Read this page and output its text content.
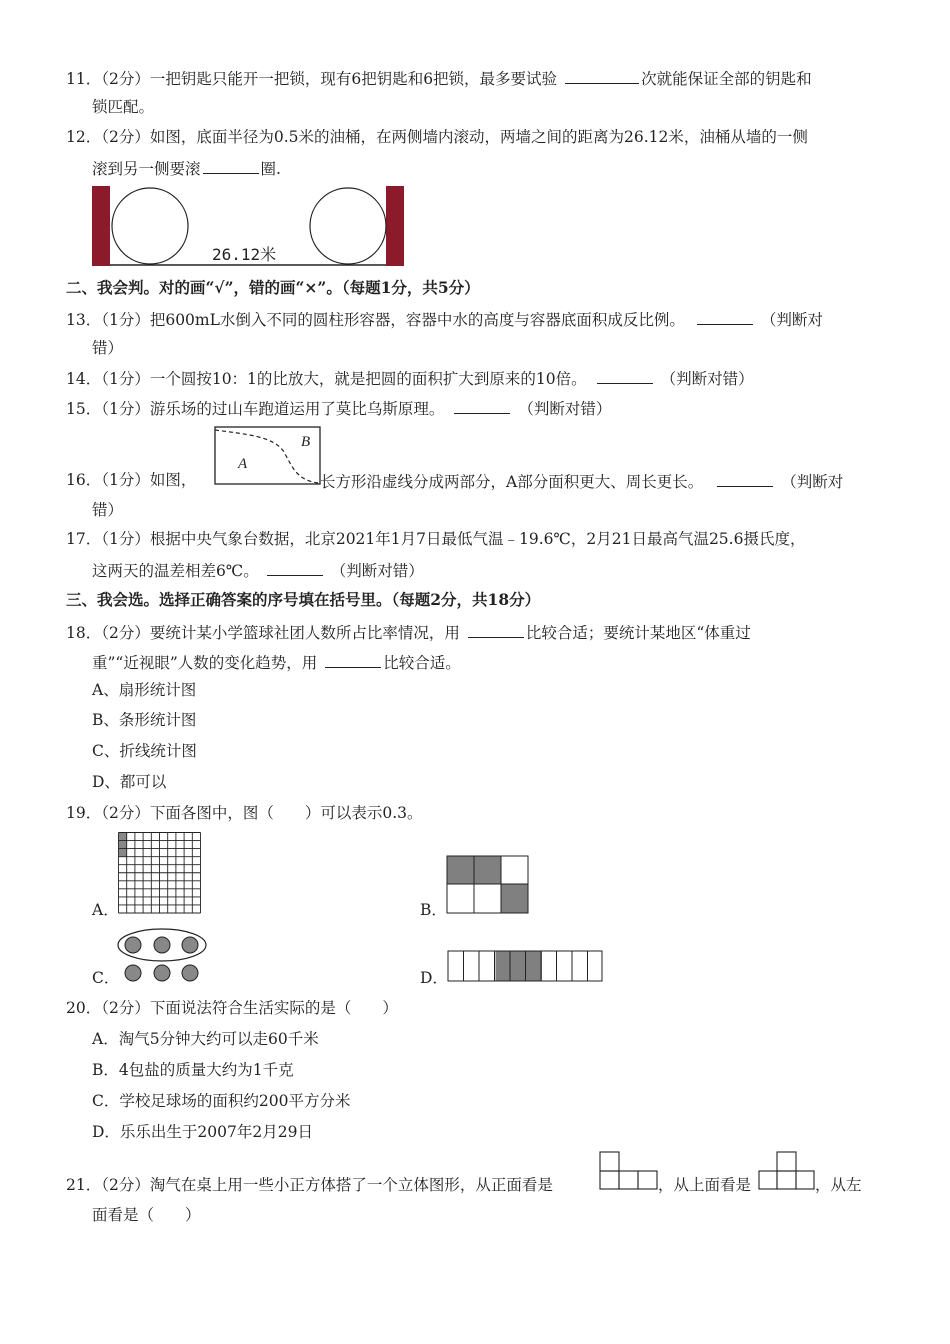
11．（2分）一把钥匙只能开一把锁，现有6把钥匙和6把锁，最多要试验	次就能保证全部的钥匙和
锁匹配。
12．（2分）如图，底面半径为0.5米的油桶，在两侧墙内滚动，两墙之间的距离为26.12米，油桶从墙的一侧
滚到另一侧要滚	圈.
26.12米
二、我会判。对的画“√”，错的画“×”。（每题1分，共5分）
13．（1分）把600mL水倒入不同的圆柱形容器，容器中水的高度与容器底面积成反比例。	（判断对
错）
14．（1分）一个圆按10：1的比放大，就是把圆的面积扩大到原来的10倍。	（判断对错）
15．（1分）游乐场的过山车跑道运用了莫比乌斯原理。	（判断对错）
A
B
16．（1分）如图，	长方形沿虚线分成两部分，A部分面积更大、周长更长。	（判断对
错）
17．（1分）根据中央气象台数据，北京2021年1月7日最低气温﹣19.6℃，2月21日最高气温25.6摄氏度，
这两天的温差相差6℃。	（判断对错）
三、我会选。选择正确答案的序号填在括号里。（每题2分，共18分）
18．（2分）要统计某小学篮球社团人数所占比率情况，用	比较合适；要统计某地区“体重过
重”“近视眼”人数的变化趋势，用	比较合适。
A、扇形统计图
B、条形统计图
C、折线统计图
D、都可以
19．（2分）下面各图中，图（　　）可以表示0.3。
A．	B．
C．	D．
20．（2分）下面说法符合生活实际的是（　　）
A．淘气5分钟大约可以走60千米
B．4包盐的质量大约为1千克
C．学校足球场的面积约200平方分米
D．乐乐出生于2007年2月29日
21．（2分）淘气在桌上用一些小正方体搭了一个立体图形，从正面看是	，从上面看是	，从左
面看是（　　）
